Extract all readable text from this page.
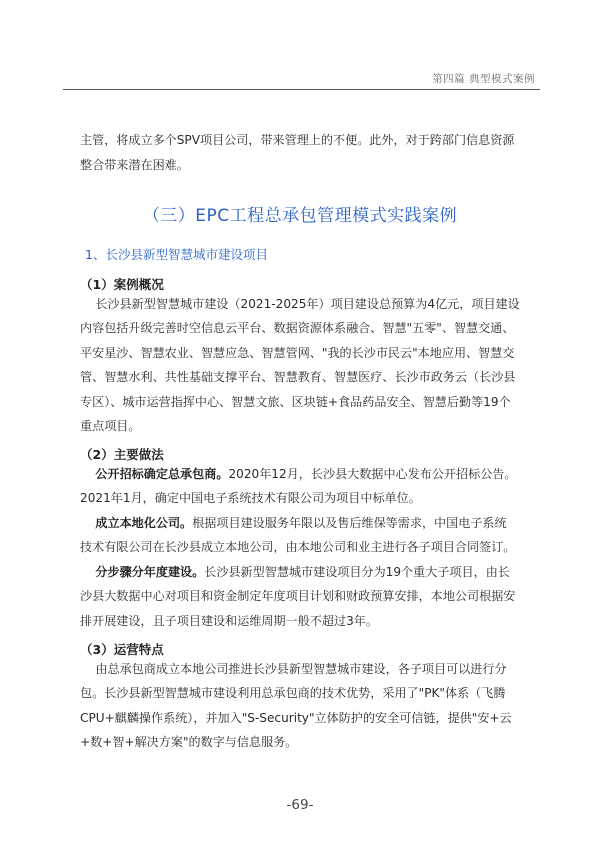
第四篇 典型模式案例

主管，将成立多个SPV项目公司，带来管理上的不便。此外，对于跨部门信息资源

整合带来潜在困难。

（三）EPC工程总承包管理模式实践案例
1、长沙县新型智慧城市建设项目
（1）案例概况

长沙县新型智慧城市建设（2021-2025年）项目建设总预算为4亿元，项目建设

内容包括升级完善时空信息云平台、数据资源体系融合、智慧"五零"、智慧交通、

平安星沙、智慧农业、智慧应急、智慧管网、"我的长沙市民云"本地应用、智慧交

管、智慧水利、共性基础支撑平台、智慧教育、智慧医疗、长沙市政务云（长沙县

专区）、城市运营指挥中心、智慧文旅、区块链+食品药品安全、智慧后勤等19个

重点项目。

（2）主要做法

公开招标确定总承包商。2020年12月，长沙县大数据中心发布公开招标公告。

2021年1月，确定中国电子系统技术有限公司为项目中标单位。

成立本地化公司。根据项目建设服务年限以及售后维保等需求，中国电子系统

技术有限公司在长沙县成立本地公司，由本地公司和业主进行各子项目合同签订。

分步骤分年度建设。长沙县新型智慧城市建设项目分为19个重大子项目，由长

沙县大数据中心对项目和资金制定年度项目计划和财政预算安排，本地公司根据安

排开展建设，且子项目建设和运维周期一般不超过3年。

（3）运营特点

由总承包商成立本地公司推进长沙县新型智慧城市建设，各子项目可以进行分

包。长沙县新型智慧城市建设利用总承包商的技术优势，采用了"PK"体系（飞腾

CPU+麒麟操作系统），并加入"S-Security"立体防护的安全可信链，提供"安+云

+数+智+解决方案"的数字与信息服务。

-69-
